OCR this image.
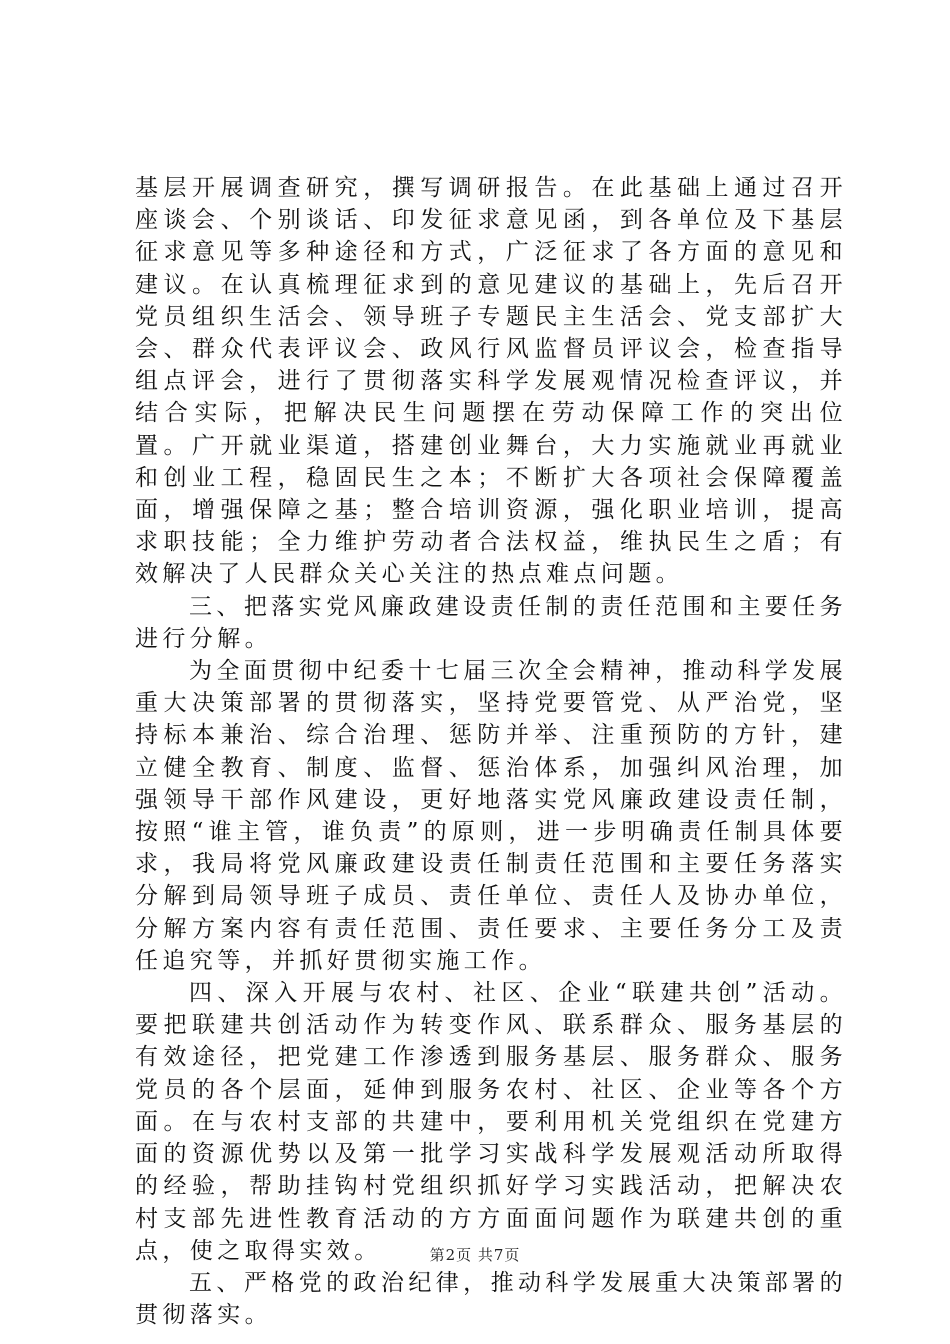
基层开展调查研究，撰写调研报告。在此基础上通过召开座谈会、个别谈话、印发征求意见函，到各单位及下基层征求意见等多种途径和方式，广泛征求了各方面的意见和建议。在认真梳理征求到的意见建议的基础上，先后召开党员组织生活会、领导班子专题民主生活会、党支部扩大会、群众代表评议会、政风行风监督员评议会，检查指导组点评会，进行了贯彻落实科学发展观情况检查评议，并结合实际，把解决民生问题摆在劳动保障工作的突出位置。广开就业渠道，搭建创业舞台，大力实施就业再就业和创业工程，稳固民生之本；不断扩大各项社会保障覆盖面，增强保障之基；整合培训资源，强化职业培训，提高求职技能；全力维护劳动者合法权益，维执民生之盾；有效解决了人民群众关心关注的热点难点问题。

三、把落实党风廉政建设责任制的责任范围和主要任务进行分解。

为全面贯彻中纪委十七届三次全会精神，推动科学发展重大决策部署的贯彻落实，坚持党要管党、从严治党，坚持标本兼治、综合治理、惩防并举、注重预防的方针，建立健全教育、制度、监督、惩治体系，加强纠风治理，加强领导干部作风建设，更好地落实党风廉政建设责任制，按照“谁主管，谁负责”的原则，进一步明确责任制具体要求，我局将党风廉政建设责任制责任范围和主要任务落实分解到局领导班子成员、责任单位、责任人及协办单位，分解方案内容有责任范围、责任要求、主要任务分工及责任追究等，并抓好贯彻实施工作。

四、深入开展与农村、社区、企业“联建共创”活动。要把联建共创活动作为转变作风、联系群众、服务基层的有效途径，把党建工作渗透到服务基层、服务群众、服务党员的各个层面，延伸到服务农村、社区、企业等各个方面。在与农村支部的共建中，要利用机关党组织在党建方面的资源优势以及第一批学习实战科学发展观活动所取得的经验，帮助挂钩村党组织抓好学习实践活动，把解决农村支部先进性教育活动的方方面面问题作为联建共创的重点，使之取得实效。

五、严格党的政治纪律，推动科学发展重大决策部署的贯彻落实。

第2页 共7页
